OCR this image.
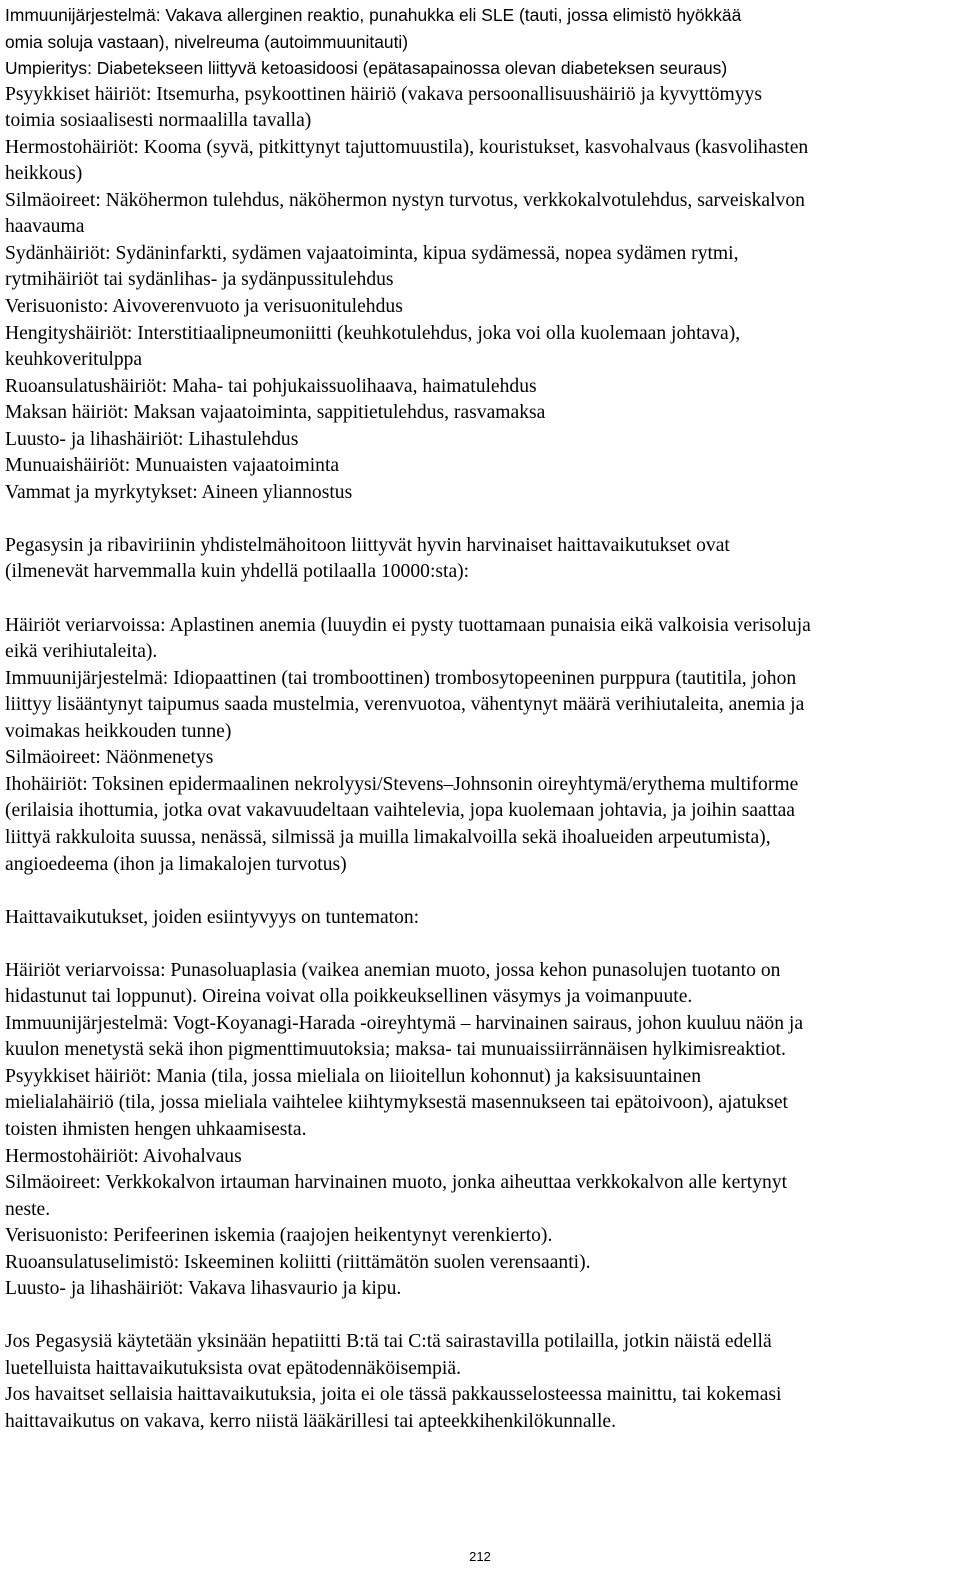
Immuunijärjestelmä: Vakava allerginen reaktio, punahukka eli SLE (tauti, jossa elimistö hyökkää

omia soluja vastaan), nivelreuma (autoimmuunitauti)

Umpieritys: Diabetekseen liittyvä ketoasidoosi (epätasapainossa olevan diabeteksen seuraus)

Psyykkiset häiriöt: Itsemurha, psykoottinen häiriö (vakava persoonallisuushäiriö ja kyvyttömyys

toimia sosiaalisesti normaalilla tavalla)

Hermostohäiriöt: Kooma (syvä, pitkittynyt tajuttomuustila), kouristukset, kasvohalvaus (kasvolihasten

heikkous)

Silmäoireet: Näköhermon tulehdus, näköhermon nystyn turvotus, verkkokalvotulehdus, sarveiskalvon

haavauma

Sydänhäiriöt: Sydäninfarkti, sydämen vajaatoiminta, kipua sydämessä, nopea sydämen rytmi,

rytmihäiriöt tai sydänlihas- ja sydänpussitulehdus

Verisuonisto: Aivoverenvuoto ja verisuonitulehdus

Hengityshäiriöt: Interstitiaalipneumoniitti (keuhkotulehdus, joka voi olla kuolemaan johtava),

keuhkoveritulppa

Ruoansulatushäiriöt: Maha- tai pohjukaissuolihaava, haimatulehdus

Maksan häiriöt: Maksan vajaatoiminta, sappitietulehdus, rasvamaksa

Luusto- ja lihashäiriöt: Lihastulehdus

Munuaishäiriöt: Munuaisten vajaatoiminta

Vammat ja myrkytykset: Aineen yliannostus

Pegasysin ja ribaviriinin yhdistelmähoitoon liittyvät hyvin harvinaiset haittavaikutukset ovat

(ilmenevät harvemmalla kuin yhdellä potilaalla 10000:sta):

Häiriöt veriarvoissa: Aplastinen anemia (luuydin ei pysty tuottamaan punaisia eikä valkoisia verisoluja

eikä verihiutaleita).

Immuunijärjestelmä: Idiopaattinen (tai tromboottinen) trombosytopeeninen purppura (tautitila, johon

liittyy lisääntynyt taipumus saada mustelmia, verenvuotoa, vähentynyt määrä verihiutaleita, anemia ja

voimakas heikkouden tunne)

Silmäoireet: Näönmenetys

Ihohäiriöt: Toksinen epidermaalinen nekrolyysi/Stevens–Johnsonin oireyhtymä/erythema multiforme

(erilaisia ihottumia, jotka ovat vakavuudeltaan vaihtelevia, jopa kuolemaan johtavia, ja joihin saattaa

liittyä rakkuloita suussa, nenässä, silmissä ja muilla limakalvoilla sekä ihoalueiden arpeutumista),

angioedeema (ihon ja limakalojen turvotus)

Haittavaikutukset, joiden esiintyvyys on tuntematon:

Häiriöt veriarvoissa: Punasoluaplasia (vaikea anemian muoto, jossa kehon punasolujen tuotanto on

hidastunut tai loppunut). Oireina voivat olla poikkeuksellinen väsymys ja voimanpuute.

Immuunijärjestelmä: Vogt-Koyanagi-Harada -oireyhtymä – harvinainen sairaus, johon kuuluu näön ja

kuulon menetystä sekä ihon pigmenttimuutoksia; maksa- tai munuaissiirrännäisen hylkimisreaktiot.

Psyykkiset häiriöt: Mania (tila, jossa mieliala on liioitellun kohonnut) ja kaksisuuntainen

mielialahäiriö (tila, jossa mieliala vaihtelee kiihtymyksestä masennukseen tai epätoivoon), ajatukset

toisten ihmisten hengen uhkaamisesta.

Hermostohäiriöt: Aivohalvaus

Silmäoireet: Verkkokalvon irtauman harvinainen muoto, jonka aiheuttaa verkkokalvon alle kertynyt

neste.

Verisuonisto: Perifeerinen iskemia (raajojen heikentynyt verenkierto).

Ruoansulatuselimistö: Iskeeminen koliitti (riittämätön suolen verensaanti).

Luusto- ja lihashäiriöt: Vakava lihasvaurio ja kipu.

Jos Pegasysiä käytetään yksinään hepatiitti B:tä tai C:tä sairastavilla potilailla, jotkin näistä edellä

luetelluista haittavaikutuksista ovat epätodennäköisempiä.

Jos havaitset sellaisia haittavaikutuksia, joita ei ole tässä pakkausselosteessa mainittu, tai kokemasi

haittavaikutus on vakava, kerro niistä lääkärillesi tai apteekkihenkilökunnalle.

212
